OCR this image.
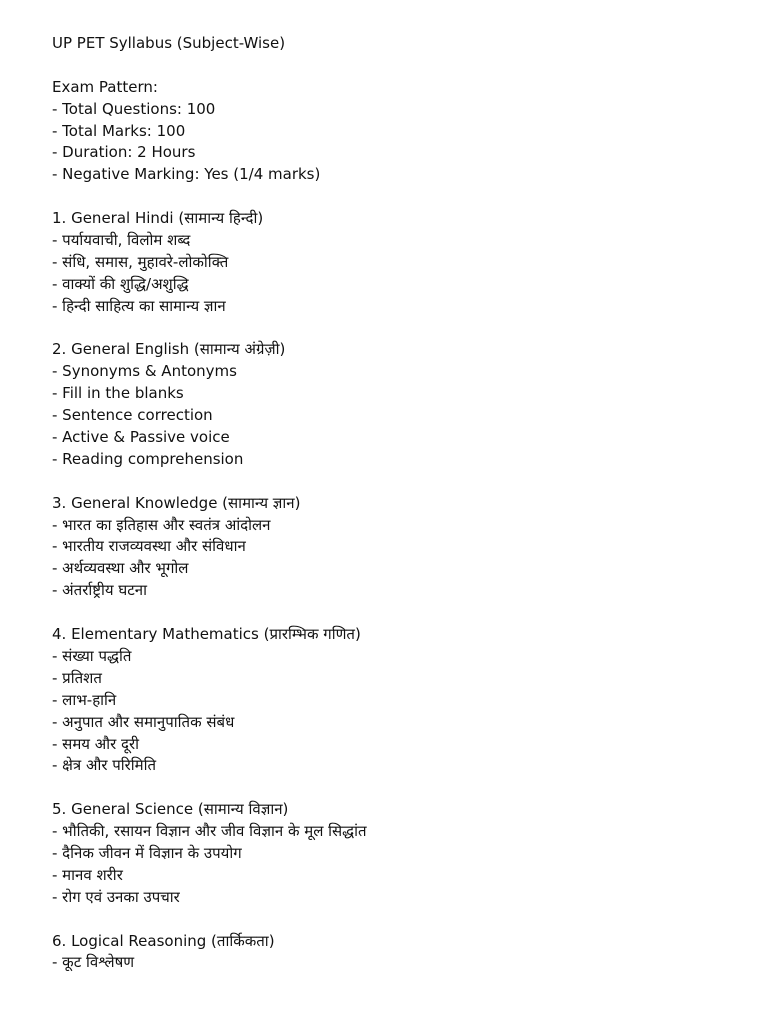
UP PET Syllabus (Subject-Wise)
Exam Pattern:
- Total Questions: 100
- Total Marks: 100
- Duration: 2 Hours
- Negative Marking: Yes (1/4 marks)
1. General Hindi (सामान्य हिन्दी)
- पर्यायवाची, विलोम शब्द
- संधि, समास, मुहावरे-लोकोक्ति
- वाक्यों की शुद्धि/अशुद्धि
- हिन्दी साहित्य का सामान्य ज्ञान
2. General English (सामान्य अंग्रेज़ी)
- Synonyms & Antonyms
- Fill in the blanks
- Sentence correction
- Active & Passive voice
- Reading comprehension
3. General Knowledge (सामान्य ज्ञान)
- भारत का इतिहास और स्वतंत्र आंदोलन
- भारतीय राजव्यवस्था और संविधान
- अर्थव्यवस्था और भूगोल
- अंतर्राष्ट्रीय घटना
4. Elementary Mathematics (प्रारम्भिक गणित)
- संख्या पद्धति
- प्रतिशत
- लाभ-हानि
- अनुपात और समानुपातिक संबंध
- समय और दूरी
- क्षेत्र और परिमिति
5. General Science (सामान्य विज्ञान)
- भौतिकी, रसायन विज्ञान और जीव विज्ञान के मूल सिद्धांत
- दैनिक जीवन में विज्ञान के उपयोग
- मानव शरीर
- रोग एवं उनका उपचार
6. Logical Reasoning (तार्किकता)
- कूट विश्लेषण
